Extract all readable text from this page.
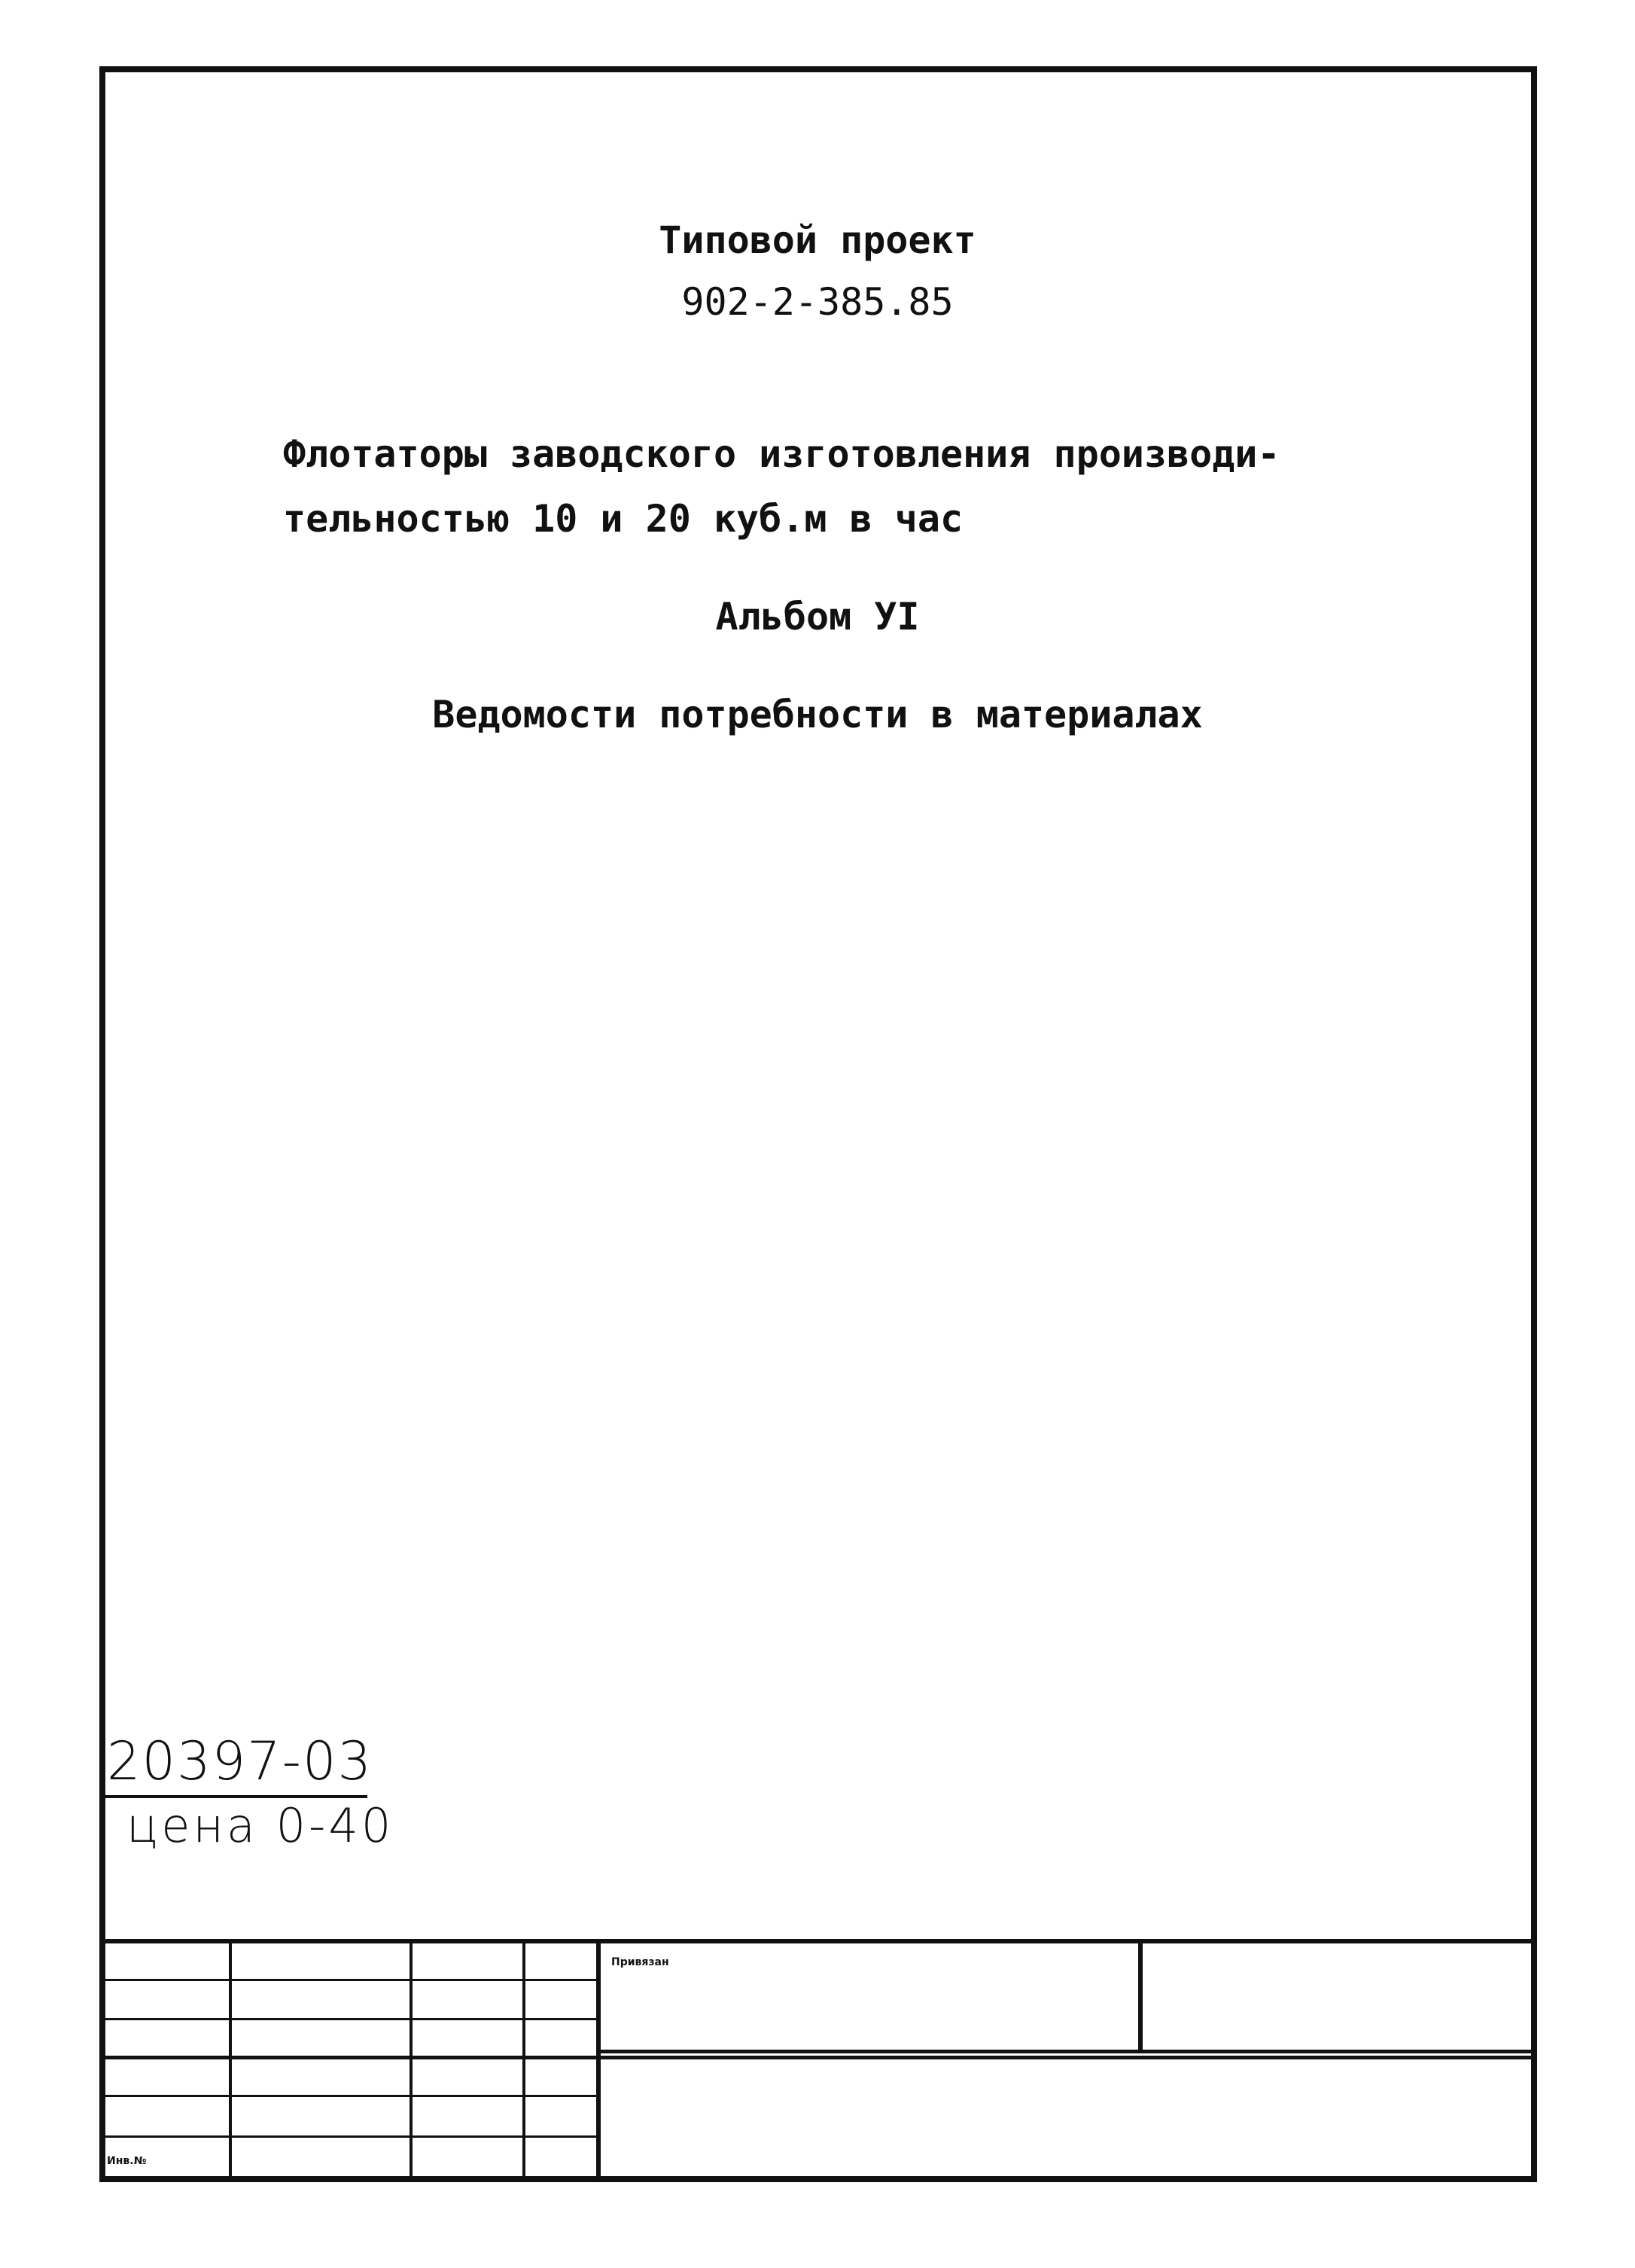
Типовой проект
902-2-385.85
Флотаторы заводского изготовления производи-
тельностью 10 и 20 куб.м в час
Альбом УI
Ведомости потребности в материалах
20397-03
цена 0-40
Привязан
Инв.№
